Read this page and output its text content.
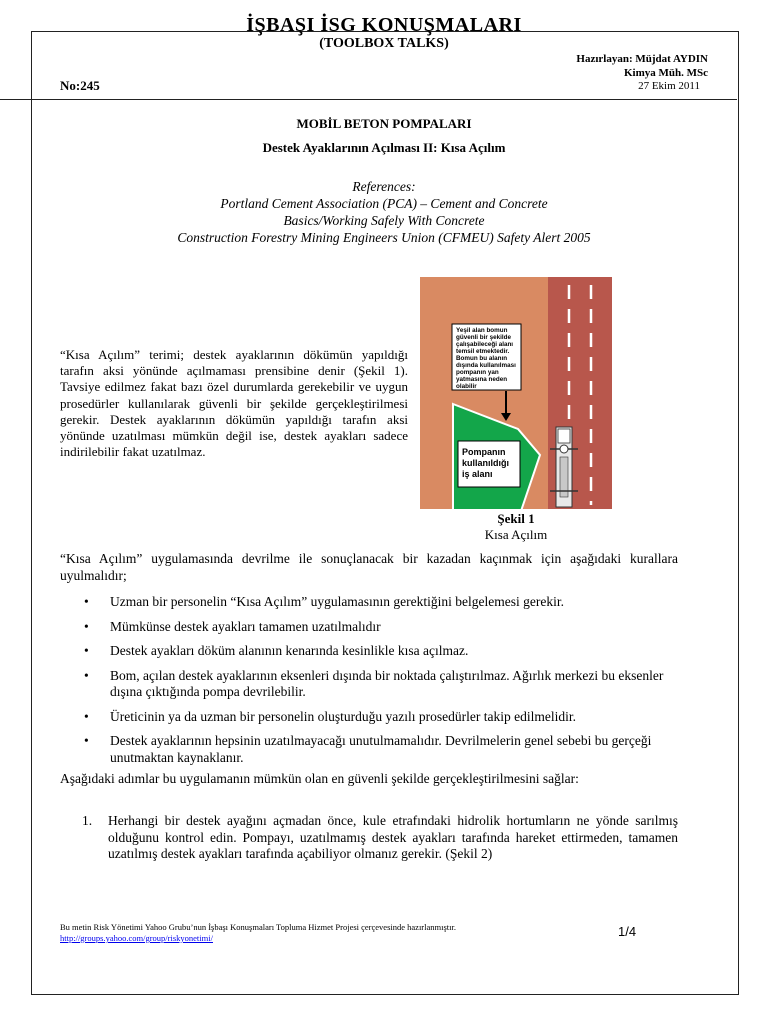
İŞBAŞI İSG KONUŞMALARI
(TOOLBOX TALKS)
Hazırlayan: Müjdat AYDIN
Kimya Müh. MSc
No:245	27 Ekim 2011
MOBİL BETON POMPALARI
Destek Ayaklarının Açılması II: Kısa Açılım
References:
Portland Cement Association (PCA) – Cement and Concrete
Basics/Working Safely With Concrete
Construction Forestry Mining Engineers Union (CFMEU) Safety Alert 2005
“Kısa Açılım” terimi; destek ayaklarının dökümün yapıldığı tarafın aksi yönünde açılmaması prensibine denir (Şekil 1). Tavsiye edilmez fakat bazı özel durumlarda gerekebilir ve uygun prosedürler kullanılarak güvenli bir şekilde gerçekleştirilmesi gerekir. Destek ayaklarının dökümün yapıldığı tarafın aksi yönünde uzatılması mümkün değil ise, destek ayakları sadece indirilebilir fakat uzatılmaz.
Yeşil alan bomun güvenli bir şekilde çalışabileceği alanı temsil etmektedir. Bomun bu alanın dışında kullanılması pompanın yan yatmasına neden olabilir
Pompanın kullanıldığı iş alanı
Şekil 1
Kısa Açılım
“Kısa Açılım” uygulamasında devrilme ile sonuçlanacak bir kazadan kaçınmak için aşağıdaki kurallara uyulmalıdır;
• Uzman bir personelin “Kısa Açılım” uygulamasının gerektiğini belgelemesi gerekir.
• Mümkünse destek ayakları tamamen uzatılmalıdır
• Destek ayakları döküm alanının kenarında kesinlikle kısa açılmaz.
• Bom, açılan destek ayaklarının eksenleri dışında bir noktada çalıştırılmaz. Ağırlık merkezi bu eksenler dışına çıktığında pompa devrilebilir.
• Üreticinin ya da uzman bir personelin oluşturduğu yazılı prosedürler takip edilmelidir.
• Destek ayaklarının hepsinin uzatılmayacağı unutulmamalıdır. Devrilmelerin genel sebebi bu gerçeği unutmaktan kaynaklanır.
Aşağıdaki adımlar bu uygulamanın mümkün olan en güvenli şekilde gerçekleştirilmesini sağlar:
1. Herhangi bir destek ayağını açmadan önce, kule etrafındaki hidrolik hortumların ne yönde sarılmış olduğunu kontrol edin. Pompayı, uzatılmamış destek ayakları tarafında hareket ettirmeden, tamamen uzatılmış destek ayakları tarafında açabiliyor olmanız gerekir. (Şekil 2)
Bu metin Risk Yönetimi Yahoo Grubu’nun İşbaşı Konuşmaları Topluma Hizmet Projesi çerçevesinde hazırlanmıştır.
http://groups.yahoo.com/group/riskyonetimi/	1/4
